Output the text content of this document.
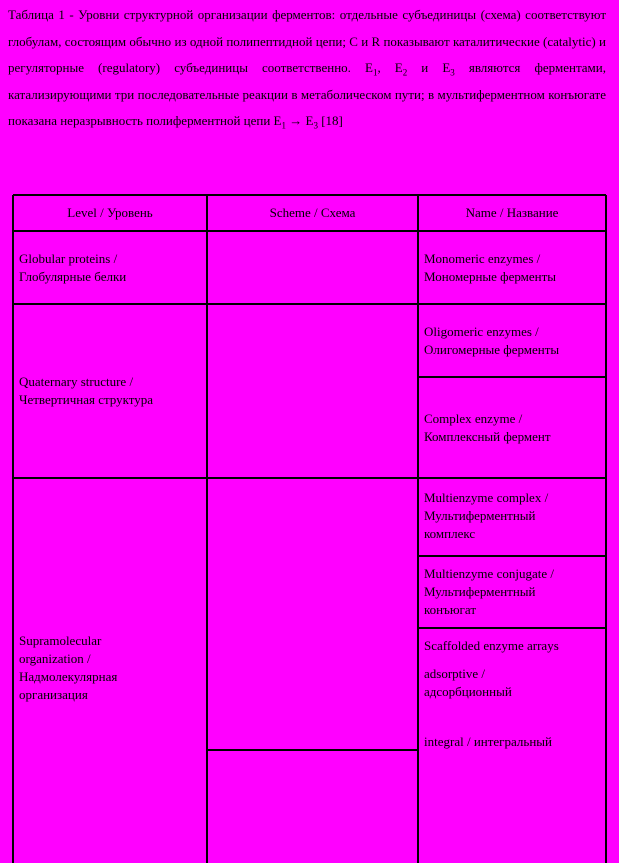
Таблица 1 - Уровни структурной организации ферментов: отдельные субъединицы (схема) соответствуют глобулам, состоящим обычно из одной полипептидной цепи; C и R показывают каталитические (catalytic) и регуляторные (regulatory) субъединицы соответственно. $E_1$, $E_2$ и $E_3$ являются ферментами, катализирующими три последовательные реакции в метаболическом пути; в мультиферментном конъюгате показана неразрывность полиферментной цепи $E_1 \to E_3$ [18]
Level / Уровень	Scheme / Схема	Name / Название
Globular proteins /
Глобулярные белки
Monomeric enzymes /
Мономерные ферменты
Quaternary structure /
Четвертичная структура
Oligomeric enzymes /
Олигомерные ферменты
Complex enzyme /
Комплексный фермент
Supramolecular
organization /
Надмолекулярная
организация
Multienzyme complex /
Мультиферментный
комплекс
Multienzyme conjugate /
Мультиферментный
конъюгат
Scaffolded enzyme arrays
adsorptive /
адсорбционный
integral / интегральный
